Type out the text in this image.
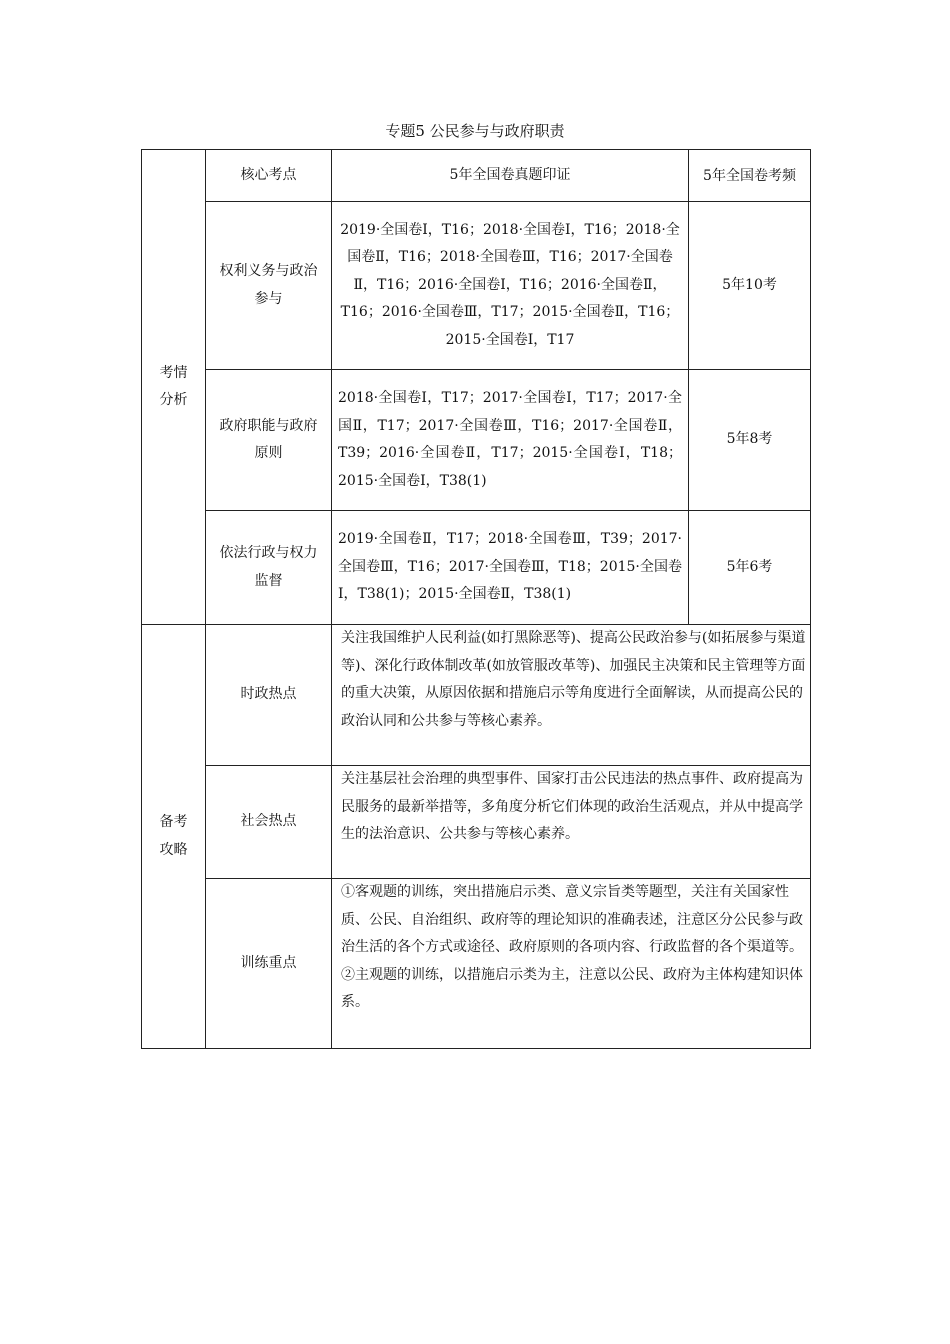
专题5 公民参与与政府职责
考情分析	核心考点	5年全国卷真题印证	5年全国卷考频
	权利义务与政治参与	2019·全国卷Ⅰ，T16；2018·全国卷Ⅰ，T16；2018·全国卷Ⅱ，T16；2018·全国卷Ⅲ，T16；2017·全国卷Ⅱ，T16；2016·全国卷Ⅰ，T16；2016·全国卷Ⅱ，T16；2016·全国卷Ⅲ，T17；2015·全国卷Ⅱ，T16；2015·全国卷Ⅰ，T17	5年10考
	政府职能与政府原则	2018·全国卷Ⅰ，T17；2017·全国卷Ⅰ，T17；2017·全国Ⅱ，T17；2017·全国卷Ⅲ，T16；2017·全国卷Ⅱ，T39；2016·全国卷Ⅱ，T17；2015·全国卷Ⅰ，T18；2015·全国卷Ⅰ，T38(1)	5年8考
	依法行政与权力监督	2019·全国卷Ⅱ，T17；2018·全国卷Ⅲ，T39；2017·全国卷Ⅲ，T16；2017·全国卷Ⅲ，T18；2015·全国卷Ⅰ，T38(1)；2015·全国卷Ⅱ，T38(1)	5年6考
备考攻略	时政热点	关注我国维护人民利益(如打黑除恶等)、提高公民政治参与(如拓展参与渠道等)、深化行政体制改革(如放管服改革等)、加强民主决策和民主管理等方面的重大决策，从原因依据和措施启示等角度进行全面解读，从而提高公民的政治认同和公共参与等核心素养。	
	社会热点	关注基层社会治理的典型事件、国家打击公民违法的热点事件、政府提高为民服务的最新举措等，多角度分析它们体现的政治生活观点，并从中提高学生的法治意识、公共参与等核心素养。	
	训练重点	①客观题的训练，突出措施启示类、意义宗旨类等题型，关注有关国家性质、公民、自治组织、政府等的理论知识的准确表述，注意区分公民参与政治生活的各个方式或途径、政府原则的各项内容、行政监督的各个渠道等。
②主观题的训练，以措施启示类为主，注意以公民、政府为主体构建知识体系。	
